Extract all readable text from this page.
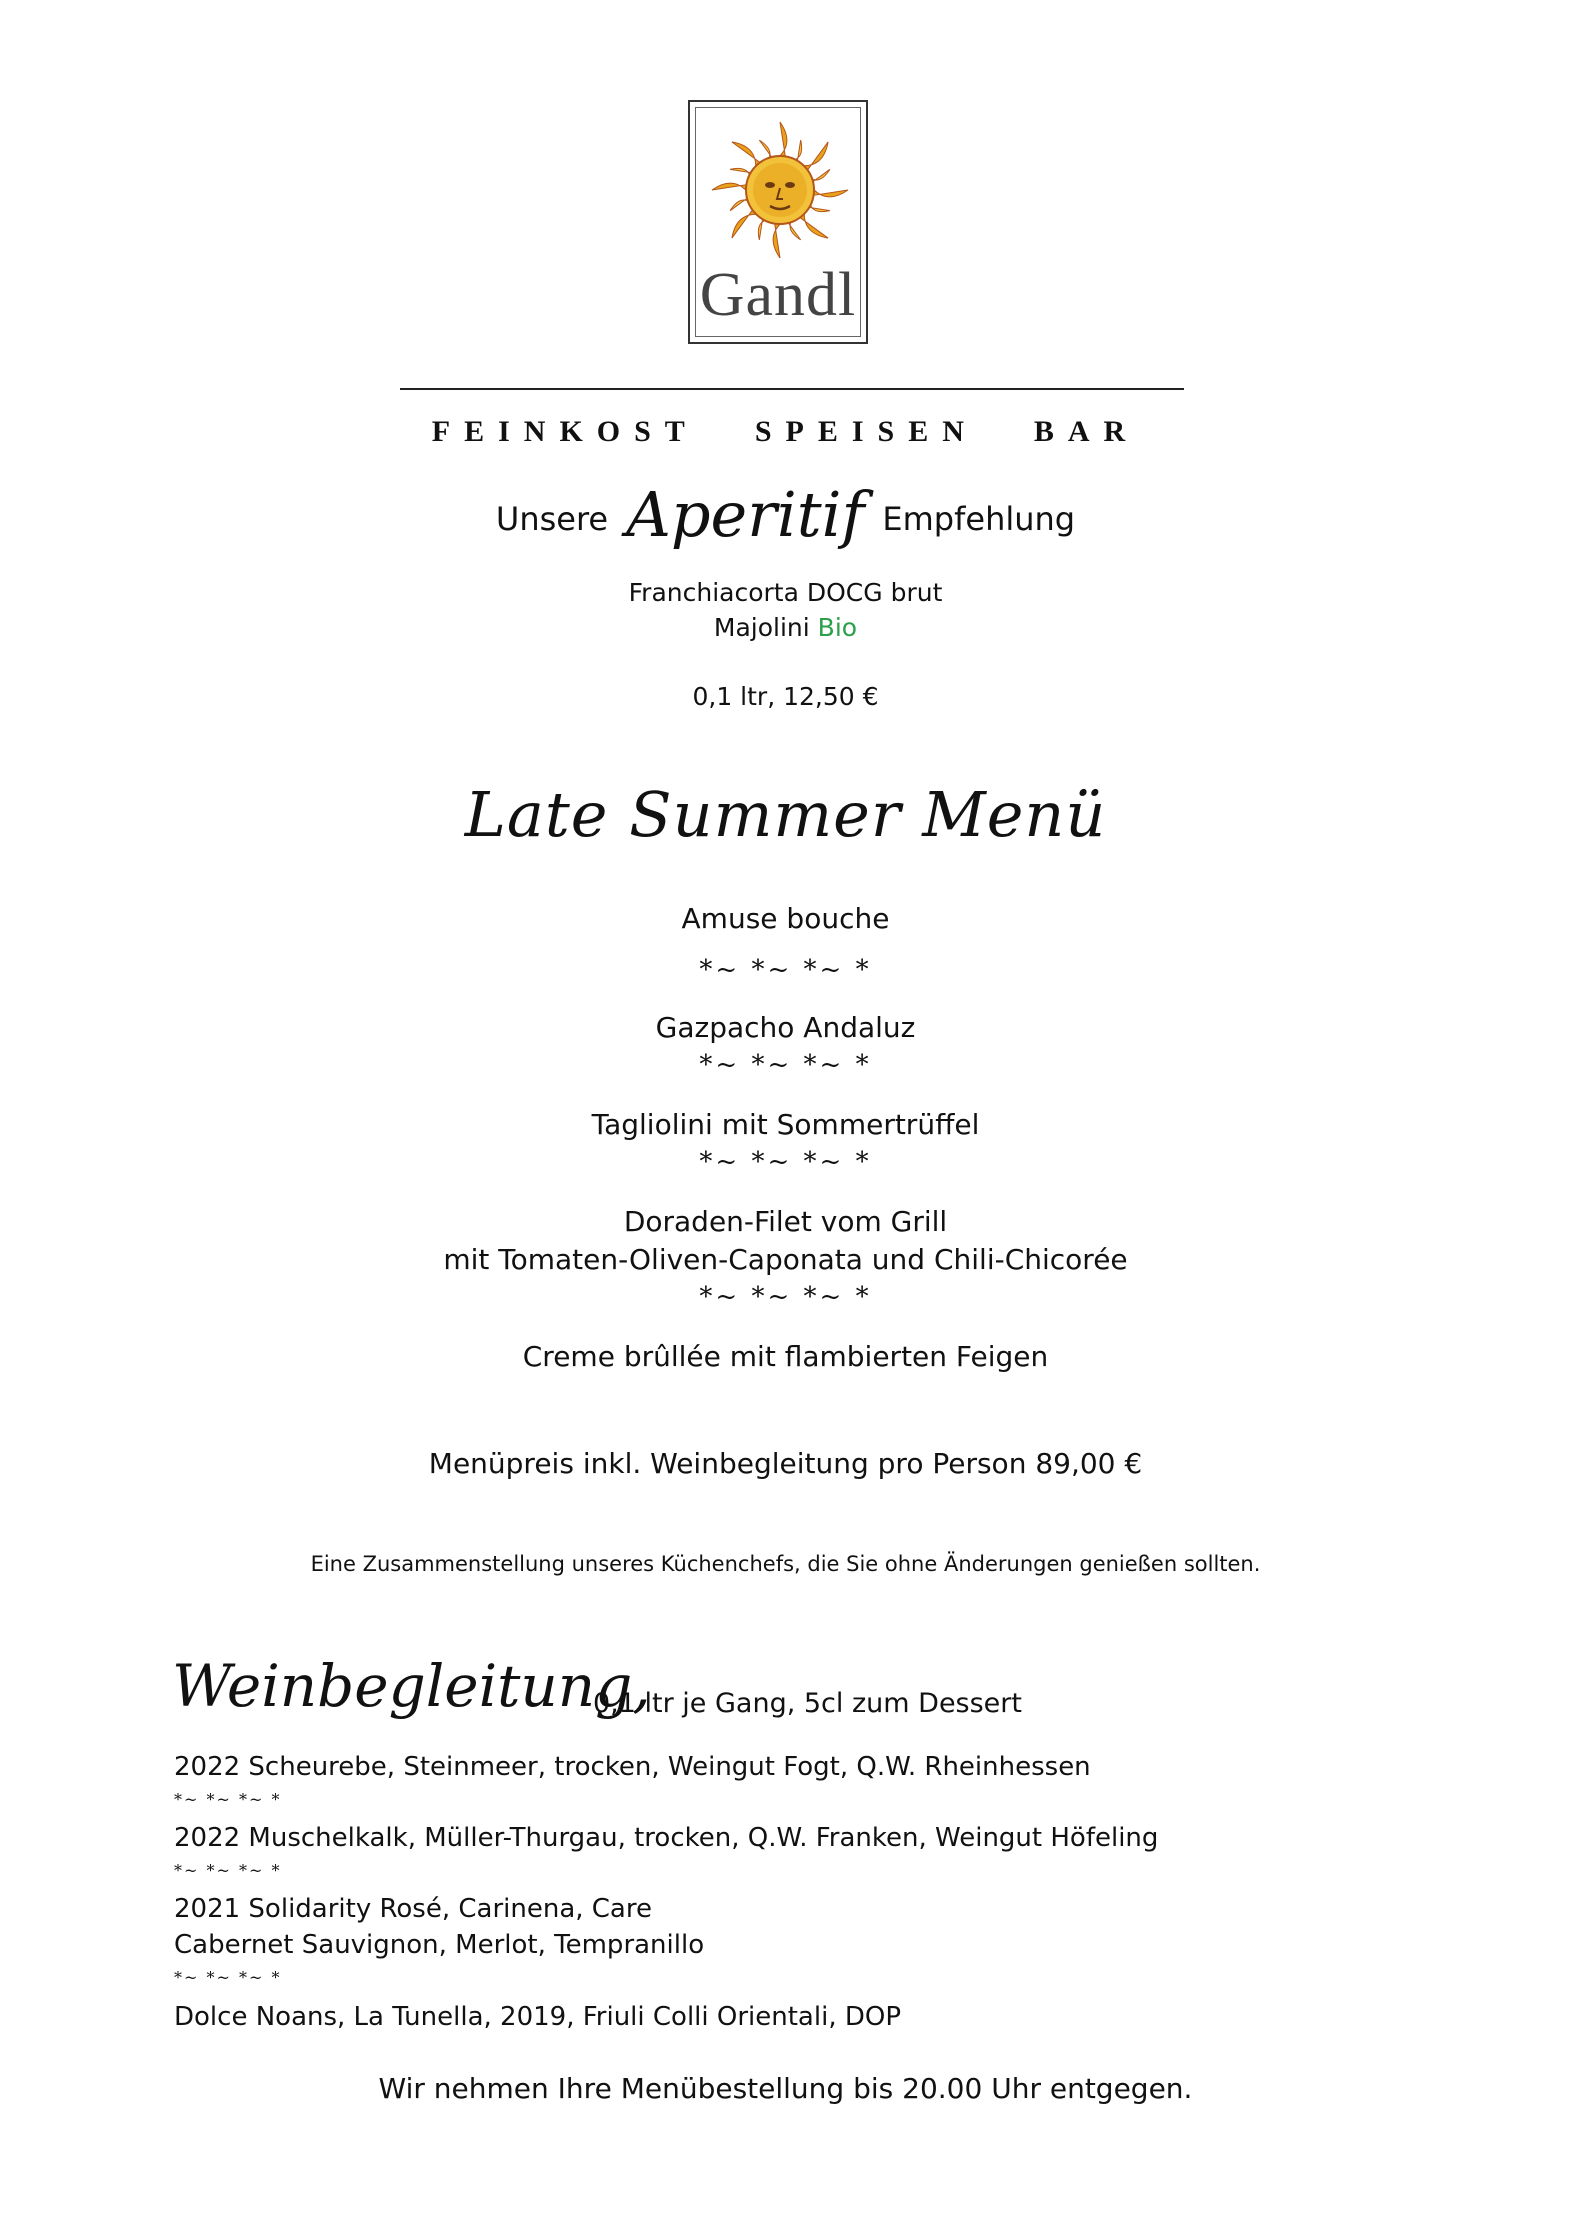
Gandl
FEINKOST SPEISEN BAR
Unsere Aperitif Empfehlung
Franchiacorta DOCG brut
Majolini Bio
0,1 ltr, 12,50 €
Late Summer Menü
Amuse bouche
*~ *~ *~ *
Gazpacho Andaluz
*~ *~ *~ *
Tagliolini mit Sommertrüffel
*~ *~ *~ *
Doraden-Filet vom Grill
mit Tomaten-Oliven-Caponata und Chili-Chicorée
*~ *~ *~ *
Creme brûllée mit flambierten Feigen
Menüpreis inkl. Weinbegleitung pro Person 89,00 €
Eine Zusammenstellung unseres Küchenchefs, die Sie ohne Änderungen genießen sollten.
Weinbegleitung,
0,1 ltr je Gang, 5cl zum Dessert
2022 Scheurebe, Steinmeer, trocken, Weingut Fogt, Q.W. Rheinhessen
*~ *~ *~ *
2022 Muschelkalk, Müller-Thurgau, trocken, Q.W. Franken, Weingut Höfeling
*~ *~ *~ *
2021 Solidarity Rosé, Carinena, Care
Cabernet Sauvignon, Merlot, Tempranillo
*~ *~ *~ *
Dolce Noans, La Tunella, 2019, Friuli Colli Orientali, DOP
Wir nehmen Ihre Menübestellung bis 20.00 Uhr entgegen.
